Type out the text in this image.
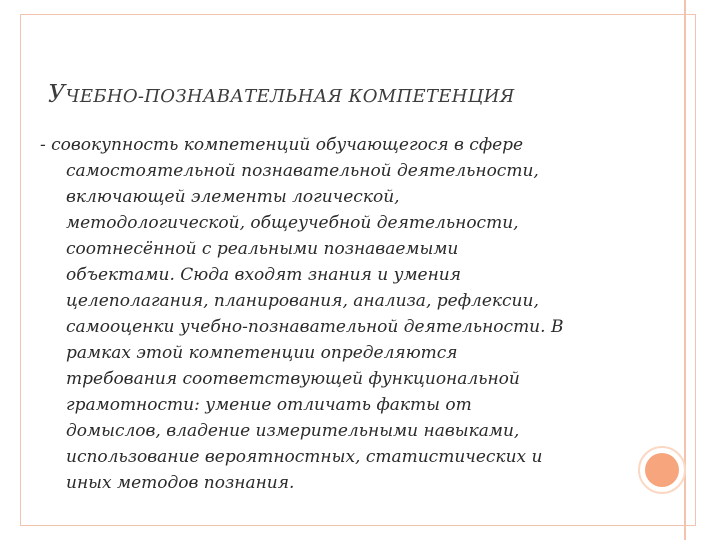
УЧЕБНО-ПОЗНАВАТЕЛЬНАЯ КОМПЕТЕНЦИЯ
- совокупность компетенций обучающегося в сфере
самостоятельной познавательной деятельности,
включающей элементы логической,
методологической, общеучебной деятельности,
соотнесённой с реальными познаваемыми
объектами. Сюда входят знания и умения
целеполагания, планирования, анализа, рефлексии,
самооценки учебно-познавательной деятельности. В
рамках этой компетенции определяются
требования соответствующей функциональной
грамотности: умение отличать факты от
домыслов, владение измерительными навыками,
использование вероятностных, статистических и
иных методов познания.
